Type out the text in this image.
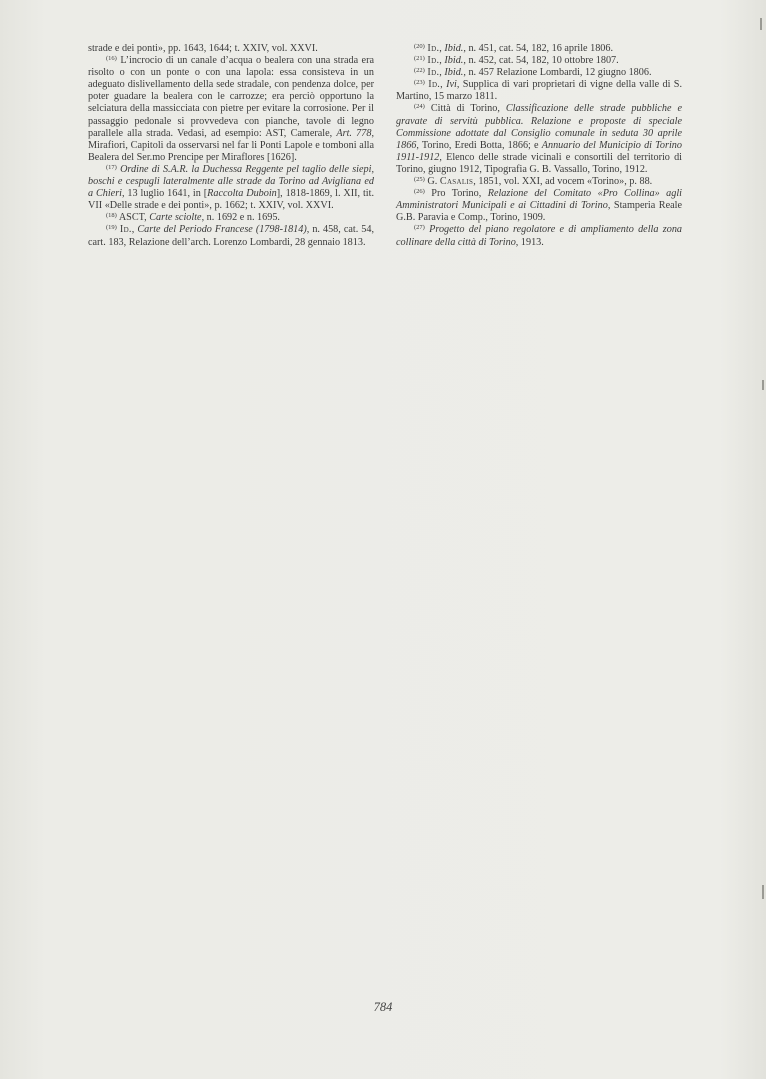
strade e dei ponti», pp. 1643, 1644; t. XXIV, vol. XXVI.

$^{(16)}$ L’incrocio di un canale d’acqua o bealera con una strada era risolto o con un ponte o con una lapola: essa consisteva in un adeguato dislivellamento della sede stradale, con pendenza dolce, per poter guadare la bealera con le carrozze; era perciò opportuno la selciatura della massicciata con pietre per evitare la corrosione. Per il passaggio pedonale si provvedeva con pianche, tavole di legno parallele alla strada. Vedasi, ad esempio: AST, Camerale, Art. 778, Mirafiori, Capitoli da osservarsi nel far li Ponti Lapole e tomboni alla Bealera del Ser.mo Prencipe per Miraflores [1626].

$^{(17)}$ Ordine di S.A.R. la Duchessa Reggente pel taglio delle siepi, boschi e cespugli lateralmente alle strade da Torino ad Avigliana ed a Chieri, 13 luglio 1641, in [Raccolta Duboin], 1818-1869, l. XII, tit. VII «Delle strade e dei ponti», p. 1662; t. XXIV, vol. XXVI.

$^{(18)}$ ASCT, Carte sciolte, n. 1692 e n. 1695.

$^{(19)}$ Id., Carte del Periodo Francese (1798-1814), n. 458, cat. 54, cart. 183, Relazione dell’arch. Lorenzo Lombardi, 28 gennaio 1813.

$^{(20)}$ Id., Ibid., n. 451, cat. 54, 182, 16 aprile 1806.

$^{(21)}$ Id., Ibid., n. 452, cat. 54, 182, 10 ottobre 1807.

$^{(22)}$ Id., Ibid., n. 457 Relazione Lombardi, 12 giugno 1806.

$^{(23)}$ Id., Ivi, Supplica di vari proprietari di vigne della valle di S. Martino, 15 marzo 1811.

$^{(24)}$ Città di Torino, Classificazione delle strade pubbliche e gravate di servitù pubblica. Relazione e proposte di speciale Commissione adottate dal Consiglio comunale in seduta 30 aprile 1866, Torino, Eredi Botta, 1866; e Annuario del Municipio di Torino 1911-1912, Elenco delle strade vicinali e consortili del territorio di Torino, giugno 1912, Tipografia G. B. Vassallo, Torino, 1912.

$^{(25)}$ G. Casalis, 1851, vol. XXI, ad vocem «Torino», p. 88.

$^{(26)}$ Pro Torino, Relazione del Comitato «Pro Collina» agli Amministratori Municipali e ai Cittadini di Torino, Stamperia Reale G.B. Paravia e Comp., Torino, 1909.

$^{(27)}$ Progetto del piano regolatore e di ampliamento della zona collinare della città di Torino, 1913.

784
